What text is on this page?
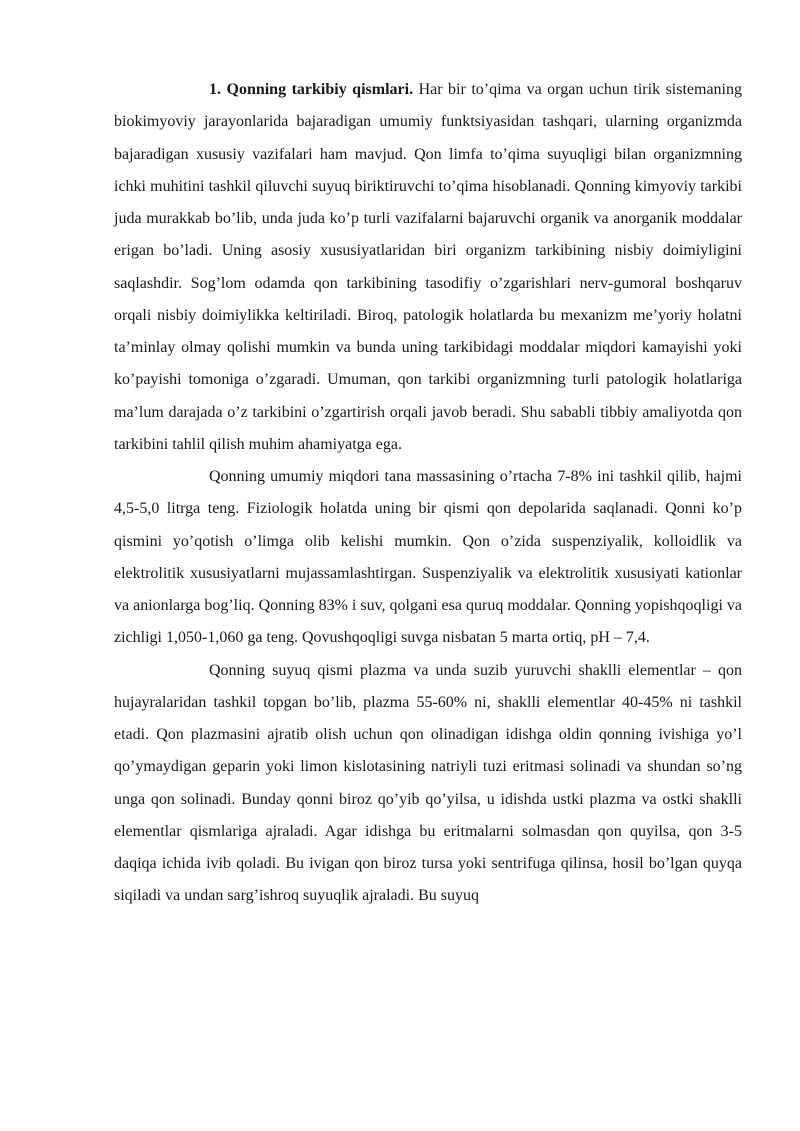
1. Qonning tarkibiy qismlari. Har bir to’qima va organ uchun tirik sistemaning biokimyoviy jarayonlarida bajaradigan umumiy funktsiyasidan tashqari, ularning organizmda bajaradigan xususiy vazifalari ham mavjud. Qon limfa to’qima suyuqligi bilan organizmning ichki muhitini tashkil qiluvchi suyuq biriktiruvchi to’qima hisoblanadi. Qonning kimyoviy tarkibi juda murakkab bo’lib, unda juda ko’p turli vazifalarni bajaruvchi organik va anorganik moddalar erigan bo’ladi. Uning asosiy xususiyatlaridan biri organizm tarkibining nisbiy doimiyligini saqlashdir. Sog’lom odamda qon tarkibining tasodifiy o’zgarishlari nerv-gumoral boshqaruv orqali nisbiy doimiylikka keltiriladi. Biroq, patologik holatlarda bu mexanizm me’yoriy holatni ta’minlay olmay qolishi mumkin va bunda uning tarkibidagi moddalar miqdori kamayishi yoki ko’payishi tomoniga o’zgaradi. Umuman, qon tarkibi organizmning turli patologik holatlariga ma’lum darajada o’z tarkibini o’zgartirish orqali javob beradi. Shu sababli tibbiy amaliyotda qon tarkibini tahlil qilish muhim ahamiyatga ega.

Qonning umumiy miqdori tana massasining o’rtacha 7-8% ini tashkil qilib, hajmi 4,5-5,0 litrga teng. Fiziologik holatda uning bir qismi qon depolarida saqlanadi. Qonni ko’p qismini yo’qotish o’limga olib kelishi mumkin. Qon o’zida suspenziyalik, kolloidlik va elektrolitik xususiyatlarni mujassamlashtirgan. Suspenziyalik va elektrolitik xususiyati kationlar va anionlarga bog’liq. Qonning 83% i suv, qolgani esa quruq moddalar. Qonning yopishqoqligi va zichligi 1,050-1,060 ga teng. Qovushqoqligi suvga nisbatan 5 marta ortiq, pH – 7,4.

Qonning suyuq qismi plazma va unda suzib yuruvchi shaklli elementlar – qon hujayralaridan tashkil topgan bo’lib, plazma 55-60% ni, shaklli elementlar 40-45% ni tashkil etadi. Qon plazmasini ajratib olish uchun qon olinadigan idishga oldin qonning ivishiga yo’l qo’ymaydigan geparin yoki limon kislotasining natriyli tuzi eritmasi solinadi va shundan so’ng unga qon solinadi. Bunday qonni biroz qo’yib qo’yilsa, u idishda ustki plazma va ostki shaklli elementlar qismlariga ajraladi. Agar idishga bu eritmalarni solmasdan qon quyilsa, qon 3-5 daqiqa ichida ivib qoladi. Bu ivigan qon biroz tursa yoki sentrifuga qilinsa, hosil bo’lgan quyqa siqiladi va undan sarg’ishroq suyuqlik ajraladi. Bu suyuq
